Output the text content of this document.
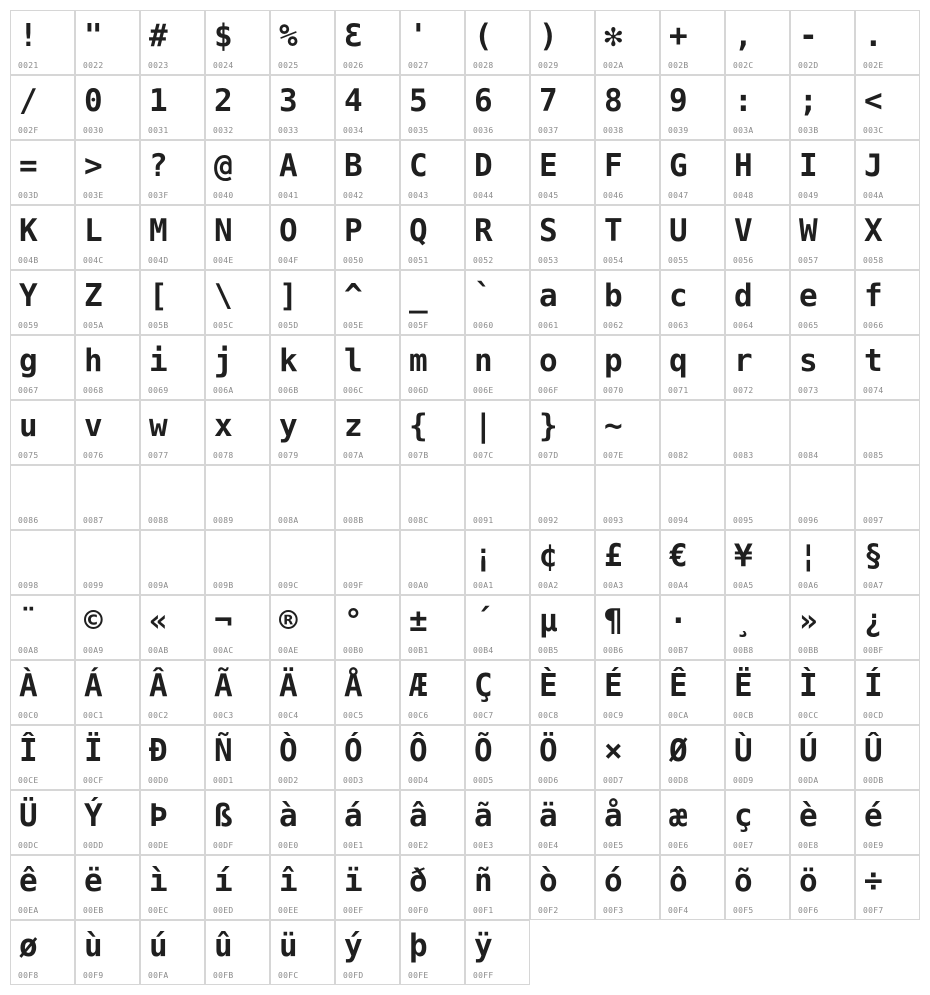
!
0021
"
0022
#
0023
$
0024
%
0025
Ɛ
0026
'
0027
(
0028
)
0029
✻
002A
+
002B
,
002C
-
002D
.
002E
/
002F
0
0030
1
0031
2
0032
3
0033
4
0034
5
0035
6
0036
7
0037
8
0038
9
0039
:
003A
;
003B
<
003C
=
003D
>
003E
?
003F
@
0040
A
0041
B
0042
C
0043
D
0044
E
0045
F
0046
G
0047
H
0048
I
0049
J
004A
K
004B
L
004C
M
004D
N
004E
O
004F
P
0050
Q
0051
R
0052
S
0053
T
0054
U
0055
V
0056
W
0057
X
0058
Y
0059
Z
005A
[
005B
\
005C
]
005D
^
005E
_
005F
`
0060
a
0061
b
0062
c
0063
d
0064
e
0065
f
0066
g
0067
h
0068
i
0069
j
006A
k
006B
l
006C
m
006D
n
006E
o
006F
p
0070
q
0071
r
0072
s
0073
t
0074
u
0075
v
0076
w
0077
x
0078
y
0079
z
007A
{
007B
|
007C
}
007D
~
007E	0082	0083	0084	0085
0086	0087	0088	0089	008A	008B	008C	0091	0092	0093	0094	0095	0096	0097
0098	0099	009A	009B	009C	009F	00A0
¡
00A1
¢
00A2
£
00A3
€
00A4
¥
00A5
¦
00A6
§
00A7
¨
00A8
©
00A9
«
00AB
¬
00AC
®
00AE
°
00B0
±
00B1
´
00B4
µ
00B5
¶
00B6
·
00B7
¸
00B8
»
00BB
¿
00BF
À
00C0
Á
00C1
Â
00C2
Ã
00C3
Ä
00C4
Å
00C5
Æ
00C6
Ç
00C7
È
00C8
É
00C9
Ê
00CA
Ë
00CB
Ì
00CC
Í
00CD
Î
00CE
Ï
00CF
Đ
00D0
Ñ
00D1
Ò
00D2
Ó
00D3
Ô
00D4
Õ
00D5
Ö
00D6
×
00D7
Ø
00D8
Ù
00D9
Ú
00DA
Û
00DB
Ü
00DC
Ý
00DD
Þ
00DE
ß
00DF
à
00E0
á
00E1
â
00E2
ã
00E3
ä
00E4
å
00E5
æ
00E6
ç
00E7
è
00E8
é
00E9
ê
00EA
ë
00EB
ì
00EC
í
00ED
î
00EE
ï
00EF
ð
00F0
ñ
00F1
ò
00F2
ó
00F3
ô
00F4
õ
00F5
ö
00F6
÷
00F7
ø
00F8
ù
00F9
ú
00FA
û
00FB
ü
00FC
ý
00FD
þ
00FE
ÿ
00FF
